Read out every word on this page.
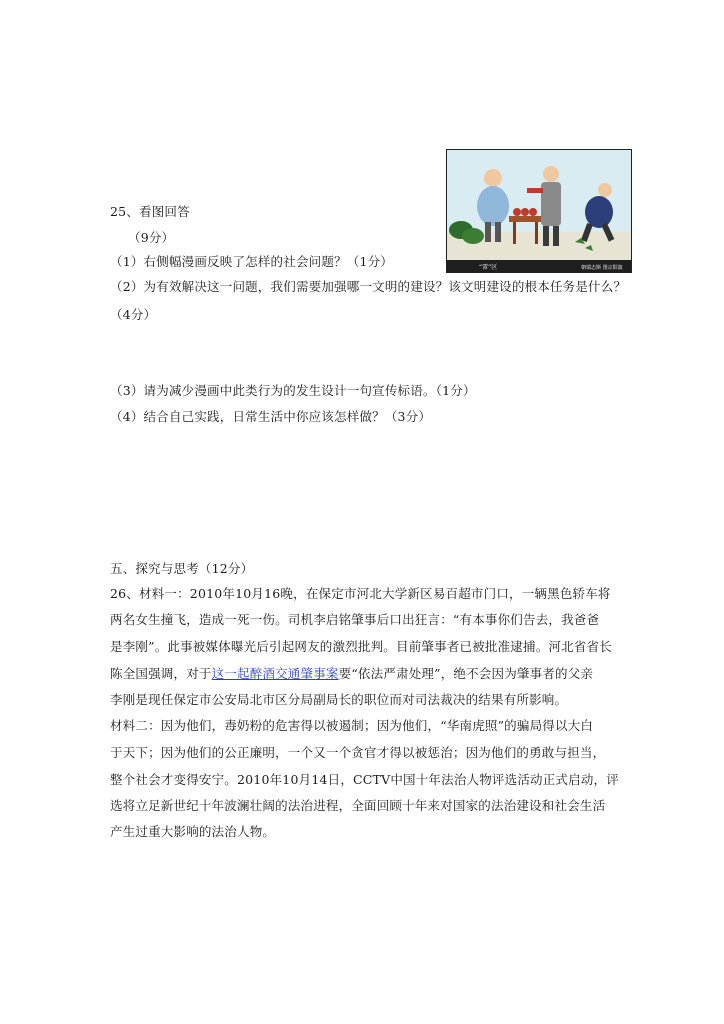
“雷”区	朝瑞志斯 图宗阳演
25、看图回答
（9分）
（1）右侧幅漫画反映了怎样的社会问题？（1分）
（2）为有效解决这一问题，我们需要加强哪一文明的建设？该文明建设的根本任务是什么？
（4分）
（3）请为减少漫画中此类行为的发生设计一句宣传标语。（1分）
（4）结合自己实践，日常生活中你应该怎样做？（3分）
五、探究与思考（12分）
26、材料一：2010年10月16晚，在保定市河北大学新区易百超市门口，一辆黑色轿车将
两名女生撞飞，造成一死一伤。司机李启铭肇事后口出狂言：“有本事你们告去，我爸爸
是李刚”。此事被媒体曝光后引起网友的激烈批判。目前肇事者已被批准逮捕。河北省省长
陈全国强调，对于这一起醉酒交通肇事案要“依法严肃处理”，绝不会因为肇事者的父亲
李刚是现任保定市公安局北市区分局副局长的职位而对司法裁决的结果有所影响。
材料二：因为他们，毒奶粉的危害得以被遏制；因为他们，“华南虎照”的骗局得以大白
于天下；因为他们的公正廉明，一个又一个贪官才得以被惩治；因为他们的勇敢与担当，
整个社会才变得安宁。2010年10月14日，CCTV中国十年法治人物评选活动正式启动，评
选将立足新世纪十年波澜壮阔的法治进程，全面回顾十年来对国家的法治建设和社会生活
产生过重大影响的法治人物。
